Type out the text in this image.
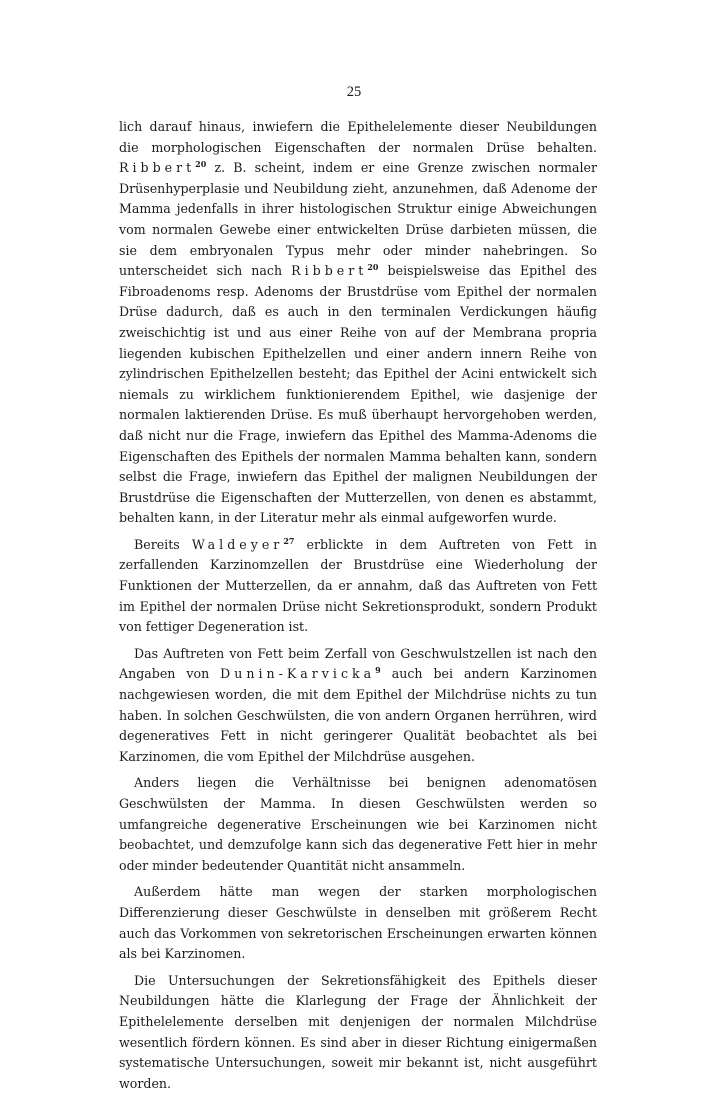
25

lich darauf hinaus, inwiefern die Epithelelemente dieser Neubildungen die morphologischen Eigenschaften der normalen Drüse behalten. Ribbert$^{20}$ z. B. scheint, indem er eine Grenze zwischen normaler Drüsenhyperplasie und Neubildung zieht, anzunehmen, daß Adenome der Mamma jedenfalls in ihrer histologischen Struktur einige Abweichungen vom normalen Gewebe einer entwickelten Drüse darbieten müssen, die sie dem embryonalen Typus mehr oder minder nahebringen. So unterscheidet sich nach Ribbert$^{20}$ beispielsweise das Epithel des Fibroadenoms resp. Adenoms der Brustdrüse vom Epithel der normalen Drüse dadurch, daß es auch in den terminalen Verdickungen häufig zweischichtig ist und aus einer Reihe von auf der Membrana propria liegenden kubischen Epithelzellen und einer andern innern Reihe von zylindrischen Epithelzellen besteht; das Epithel der Acini entwickelt sich niemals zu wirklichem funktionierendem Epithel, wie dasjenige der normalen laktierenden Drüse. Es muß überhaupt hervorgehoben werden, daß nicht nur die Frage, inwiefern das Epithel des Mamma-Adenoms die Eigenschaften des Epithels der normalen Mamma behalten kann, sondern selbst die Frage, inwiefern das Epithel der malignen Neubildungen der Brustdrüse die Eigenschaften der Mutterzellen, von denen es abstammt, behalten kann, in der Literatur mehr als einmal aufgeworfen wurde.

Bereits Waldeyer$^{27}$ erblickte in dem Auftreten von Fett in zerfallenden Karzinomzellen der Brustdrüse eine Wiederholung der Funktionen der Mutterzellen, da er annahm, daß das Auftreten von Fett im Epithel der normalen Drüse nicht Sekretionsprodukt, sondern Produkt von fettiger Degeneration ist.

Das Auftreten von Fett beim Zerfall von Geschwulstzellen ist nach den Angaben von Dunin-Karvicka$^9$ auch bei andern Karzinomen nachgewiesen worden, die mit dem Epithel der Milchdrüse nichts zu tun haben. In solchen Geschwülsten, die von andern Organen herrühren, wird degeneratives Fett in nicht geringerer Qualität beobachtet als bei Karzinomen, die vom Epithel der Milchdrüse ausgehen.

Anders liegen die Verhältnisse bei benignen adenomatösen Geschwülsten der Mamma. In diesen Geschwülsten werden so umfangreiche degenerative Erscheinungen wie bei Karzinomen nicht beobachtet, und demzufolge kann sich das degenerative Fett hier in mehr oder minder bedeutender Quantität nicht ansammeln.

Außerdem hätte man wegen der starken morphologischen Differenzierung dieser Geschwülste in denselben mit größerem Recht auch das Vorkommen von sekretorischen Erscheinungen erwarten können als bei Karzinomen.

Die Untersuchungen der Sekretionsfähigkeit des Epithels dieser Neubildungen hätte die Klarlegung der Frage der Ähnlichkeit der Epithelelemente derselben mit denjenigen der normalen Milchdrüse wesentlich fördern können. Es sind aber in dieser Richtung einigermaßen systematische Untersuchungen, soweit mir bekannt ist, nicht ausgeführt worden.
